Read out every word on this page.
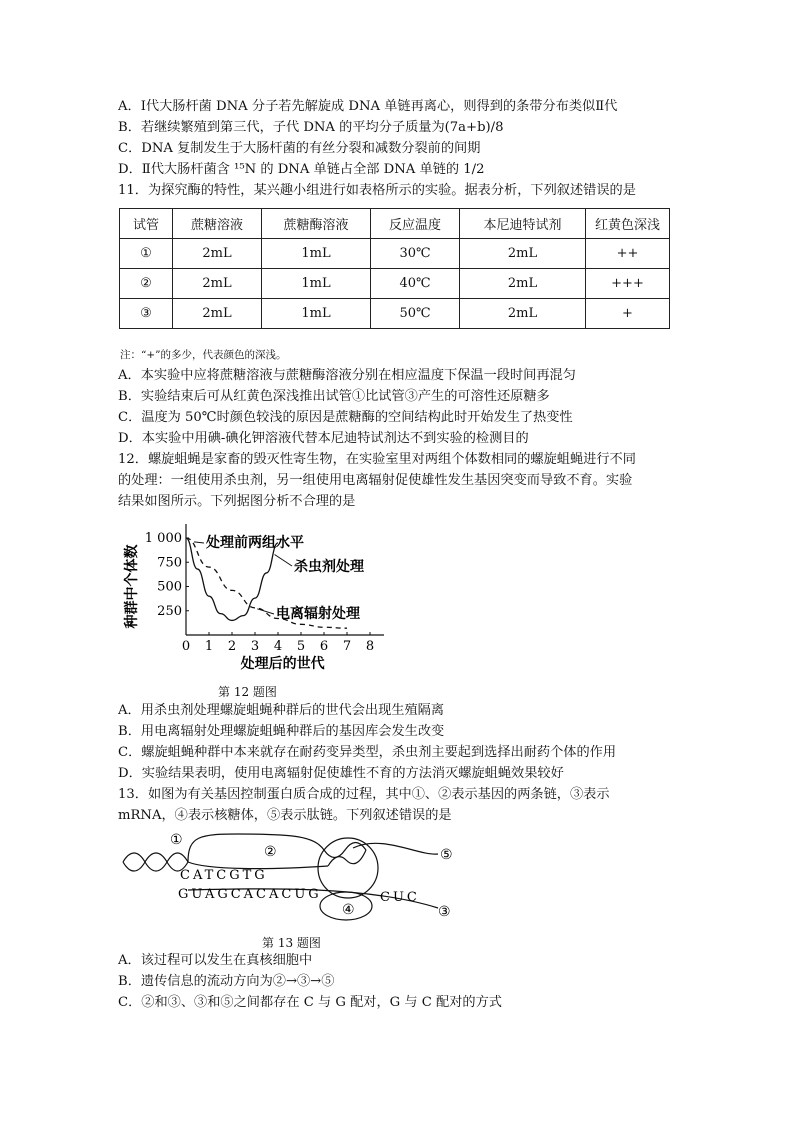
A．Ⅰ代大肠杆菌 DNA 分子若先解旋成 DNA 单链再离心，则得到的条带分布类似Ⅱ代
B．若继续繁殖到第三代，子代 DNA 的平均分子质量为(7a+b)/8
C．DNA 复制发生于大肠杆菌的有丝分裂和减数分裂前的间期
D．Ⅱ代大肠杆菌含 ¹⁵N 的 DNA 单链占全部 DNA 单链的 1/2
11．为探究酶的特性，某兴趣小组进行如表格所示的实验。据表分析，下列叙述错误的是
试管	蔗糖溶液	蔗糖酶溶液	反应温度	本尼迪特试剂	红黄色深浅
①	2mL	1mL	30℃	2mL	++
②	2mL	1mL	40℃	2mL	+++
③	2mL	1mL	50℃	2mL	+
注：“+”的多少，代表颜色的深浅。
A．本实验中应将蔗糖溶液与蔗糖酶溶液分别在相应温度下保温一段时间再混匀
B．实验结束后可从红黄色深浅推出试管①比试管③产生的可溶性还原糖多
C．温度为 50℃时颜色较浅的原因是蔗糖酶的空间结构此时开始发生了热变性
D．本实验中用碘-碘化钾溶液代替本尼迪特试剂达不到实验的检测目的
12．螺旋蛆蝇是家畜的毁灭性寄生物，在实验室里对两组个体数相同的螺旋蛆蝇进行不同
的处理：一组使用杀虫剂，另一组使用电离辐射促使雄性发生基因突变而导致不育。实验
结果如图所示。下列据图分析不合理的是
0 1 2 3 4 5 6 7 8
250
500
750
1 000
处理后的世代
种群中个体数
处理前两组水平
杀虫剂处理
电离辐射处理
第 12 题图
A．用杀虫剂处理螺旋蛆蝇种群后的世代会出现生殖隔离
B．用电离辐射处理螺旋蛆蝇种群后的基因库会发生改变
C．螺旋蛆蝇种群中本来就存在耐药变异类型，杀虫剂主要起到选择出耐药个体的作用
D．实验结果表明，使用电离辐射促使雄性不育的方法消灭螺旋蛆蝇效果较好
13．如图为有关基因控制蛋白质合成的过程，其中①、②表示基因的两条链，③表示
mRNA，④表示核糖体，⑤表示肽链。下列叙述错误的是
①
②
③
④
⑤
CATCGTG
GUAGCACACUG	CUC
第 13 题图
A．该过程可以发生在真核细胞中
B．遗传信息的流动方向为②→③→⑤
C．②和③、③和⑤之间都存在 C 与 G 配对，G 与 C 配对的方式
